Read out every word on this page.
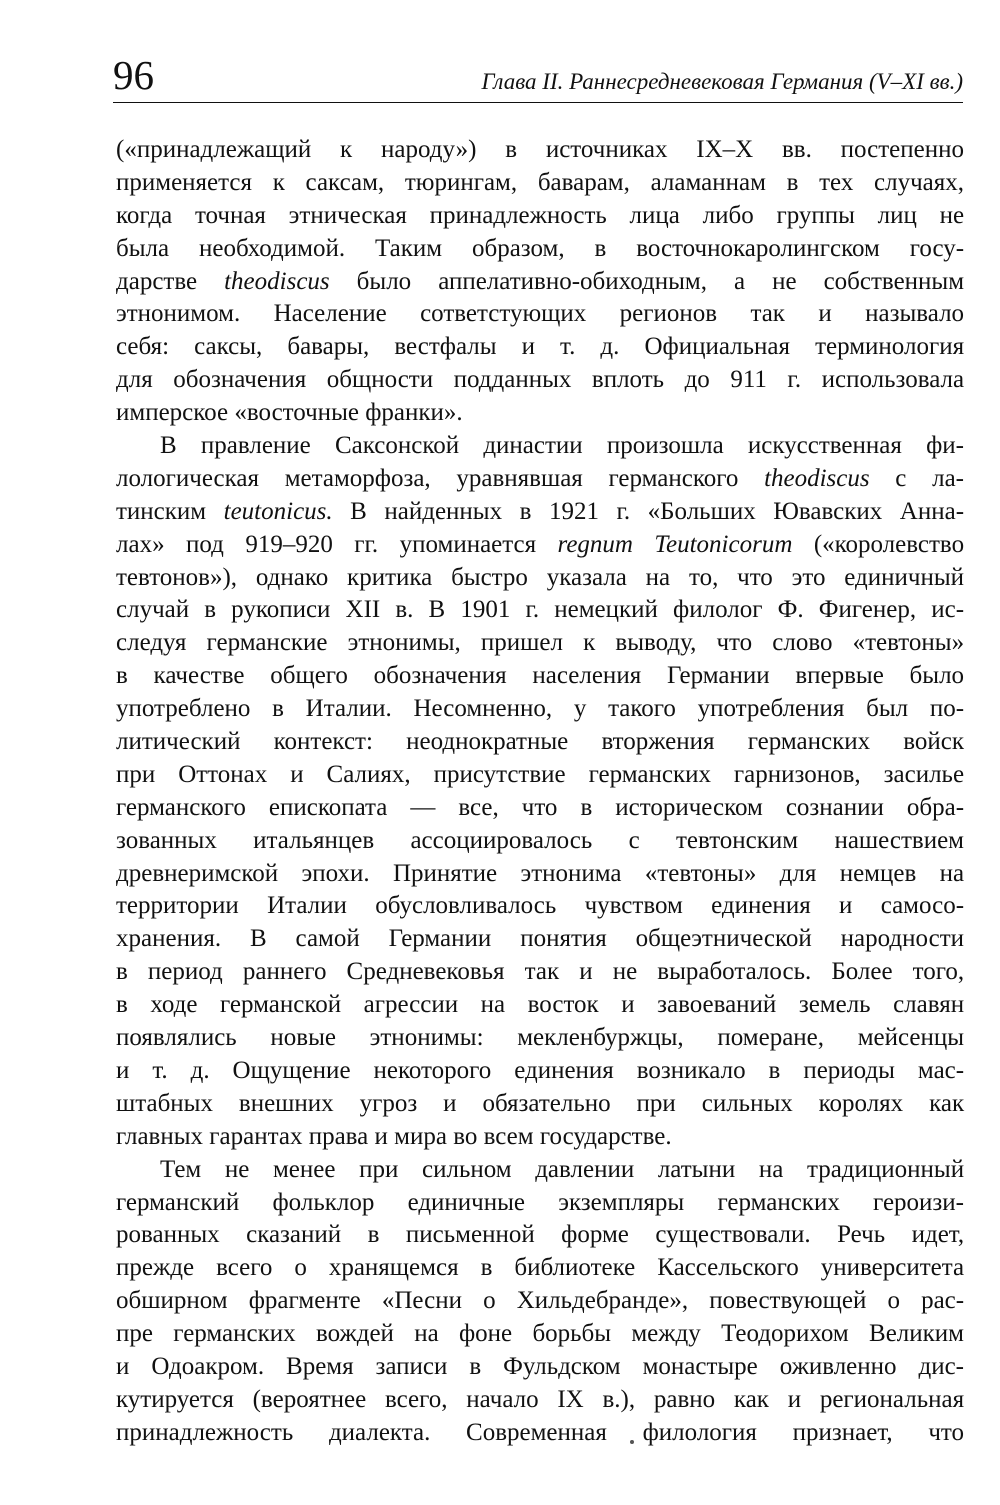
96	Глава II. Раннесредневековая Германия (V–XI вв.)
(«принадлежащий к народу») в источниках IX–X вв. постепенно
применяется к саксам, тюрингам, баварам, аламаннам в тех случаях,
когда точная этническая принадлежность лица либо группы лиц не
была необходимой. Таким образом, в восточнокаролингском госу-
дарстве theodiscus было аппелативно-обиходным, а не собственным
этнонимом. Население сответстующих регионов так и называло
себя: саксы, бавары, вестфалы и т. д. Официальная терминология
для обозначения общности подданных вплоть до 911 г. использовала
имперское «восточные франки».
В правление Саксонской династии произошла искусственная фи-
лологическая метаморфоза, уравнявшая германского theodiscus с ла-
тинским teutonicus. В найденных в 1921 г. «Больших Ювавских Анна-
лах» под 919–920 гг. упоминается regnum Teutonicorum («королевство
тевтонов»), однако критика быстро указала на то, что это единичный
случай в рукописи XII в. В 1901 г. немецкий филолог Ф. Фигенер, ис-
следуя германские этнонимы, пришел к выводу, что слово «тевтоны»
в качестве общего обозначения населения Германии впервые было
употреблено в Италии. Несомненно, у такого употребления был по-
литический контекст: неоднократные вторжения германских войск
при Оттонах и Салиях, присутствие германских гарнизонов, засилье
германского епископата — все, что в историческом сознании обра-
зованных итальянцев ассоциировалось с тевтонским нашествием
древнеримской эпохи. Принятие этнонима «тевтоны» для немцев на
территории Италии обусловливалось чувством единения и самосо-
хранения. В самой Германии понятия общеэтнической народности
в период раннего Средневековья так и не выработалось. Более того,
в ходе германской агрессии на восток и завоеваний земель славян
появлялись новые этнонимы: мекленбуржцы, померане, мейсенцы
и т. д. Ощущение некоторого единения возникало в периоды мас-
штабных внешних угроз и обязательно при сильных королях как
главных гарантах права и мира во всем государстве.
Тем не менее при сильном давлении латыни на традиционный
германский фольклор единичные экземпляры германских героизи-
рованных сказаний в письменной форме существовали. Речь идет,
прежде всего о хранящемся в библиотеке Кассельского университета
обширном фрагменте «Песни о Хильдебранде», повествующей о рас-
пре германских вождей на фоне борьбы между Теодорихом Великим
и Одоакром. Время записи в Фульдском монастыре оживленно дис-
кутируется (вероятнее всего, начало IX в.), равно как и региональная
принадлежность диалекта. Современная филология признает, что
